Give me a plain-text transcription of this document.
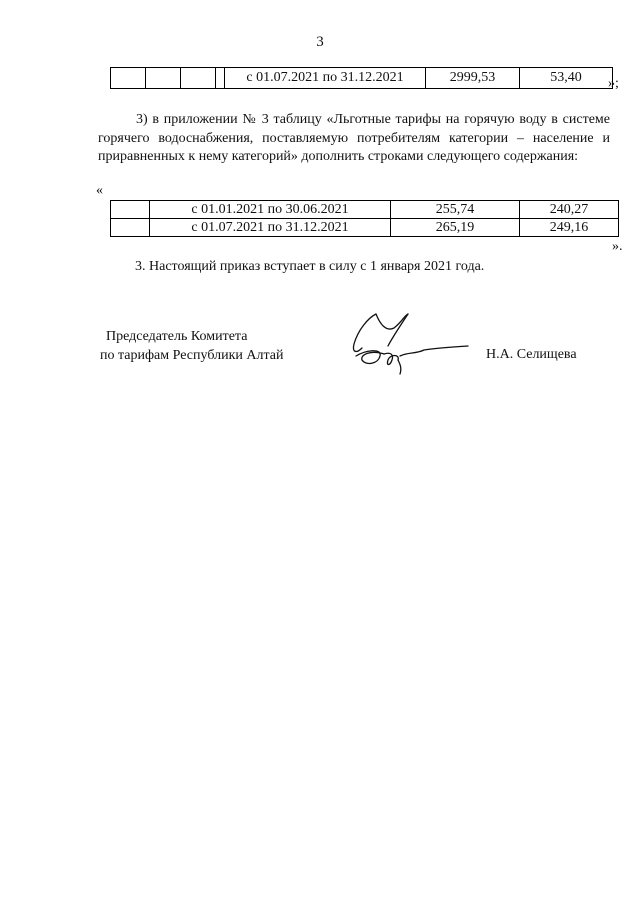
3
				с 01.07.2021 по 31.12.2021	2999,53	53,40 »;
3) в приложении № 3 таблицу «Льготные тарифы на горячую воду в системе горячего водоснабжения, поставляемую потребителям категории – население и приравненных к нему категорий» дополнить строками следующего содержания:
«
	с 01.01.2021 по 30.06.2021	255,74	240,27
	с 01.07.2021 по 31.12.2021	265,19	249,16
».
3. Настоящий приказ вступает в силу с 1 января 2021 года.
Председатель Комитета
по тарифам Республики Алтай	Н.А. Селищева
